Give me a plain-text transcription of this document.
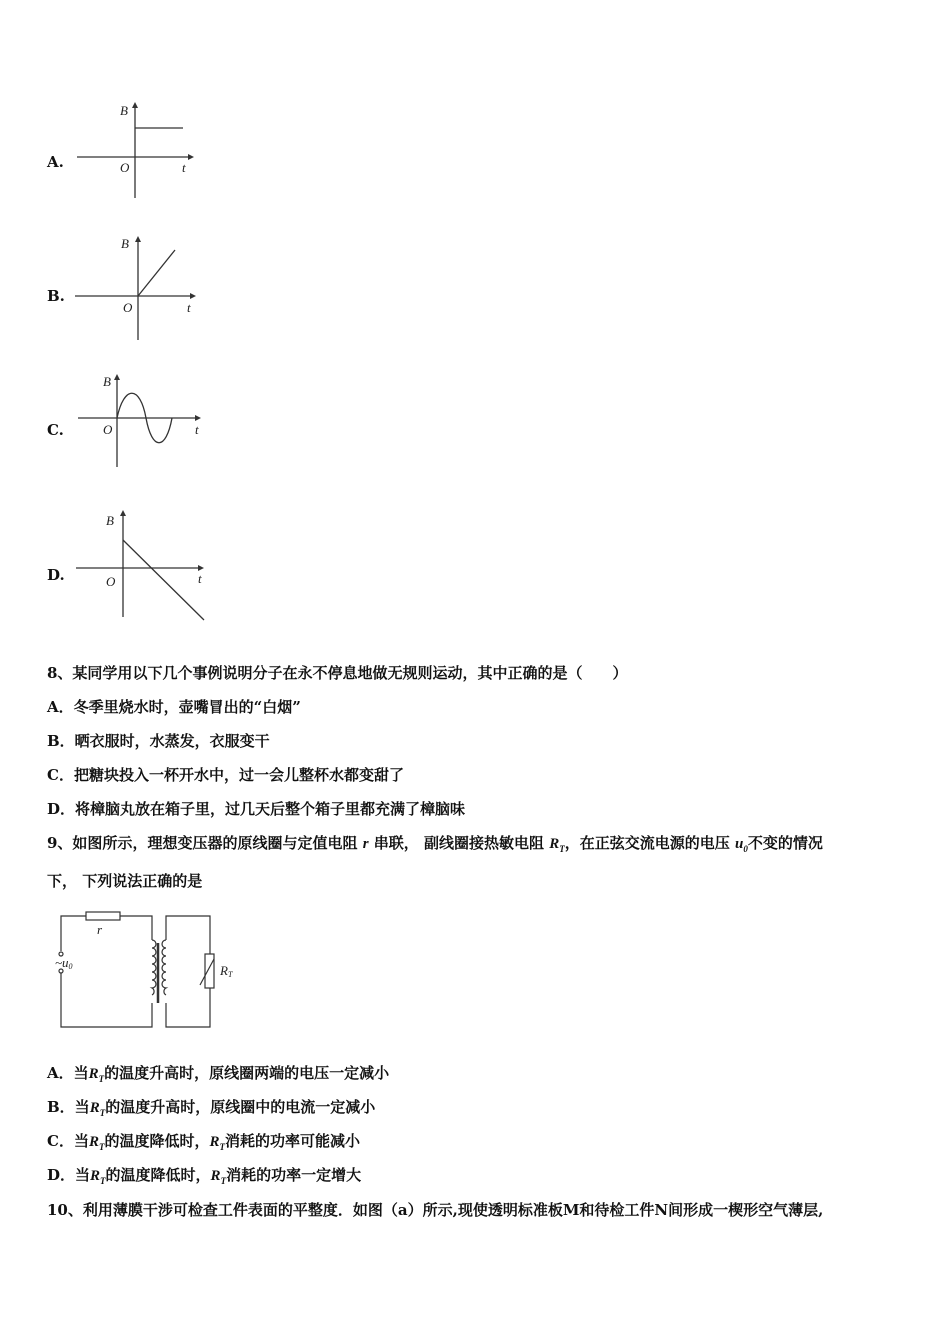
A.
B
t
O
B.
B
t
O
C.
B
t
O
D.
B
t
O
8、某同学用以下几个事例说明分子在永不停息地做无规则运动，其中正确的是（　　）
A．冬季里烧水时，壶嘴冒出的“白烟”
B．晒衣服时，水蒸发，衣服变干
C．把糖块投入一杯开水中，过一会儿整杯水都变甜了
D．将樟脑丸放在箱子里，过几天后整个箱子里都充满了樟脑味
9、如图所示，理想变压器的原线圈与定值电阻 r 串联， 副线圈接热敏电阻 $R_T$，在正弦交流电源的电压 $u_0$不变的情况
下， 下列说法正确的是
r
~u0	RT
A．当$R_T$的温度升高时，原线圈两端的电压一定减小
B．当$R_T$的温度升高时，原线圈中的电流一定减小
C．当$R_T$的温度降低时，$R_T$消耗的功率可能减小
D．当$R_T$的温度降低时，$R_T$消耗的功率一定增大
10、利用薄膜干涉可检查工件表面的平整度．如图（a）所示,现使透明标准板M和待检工件N间形成一楔形空气薄层,
